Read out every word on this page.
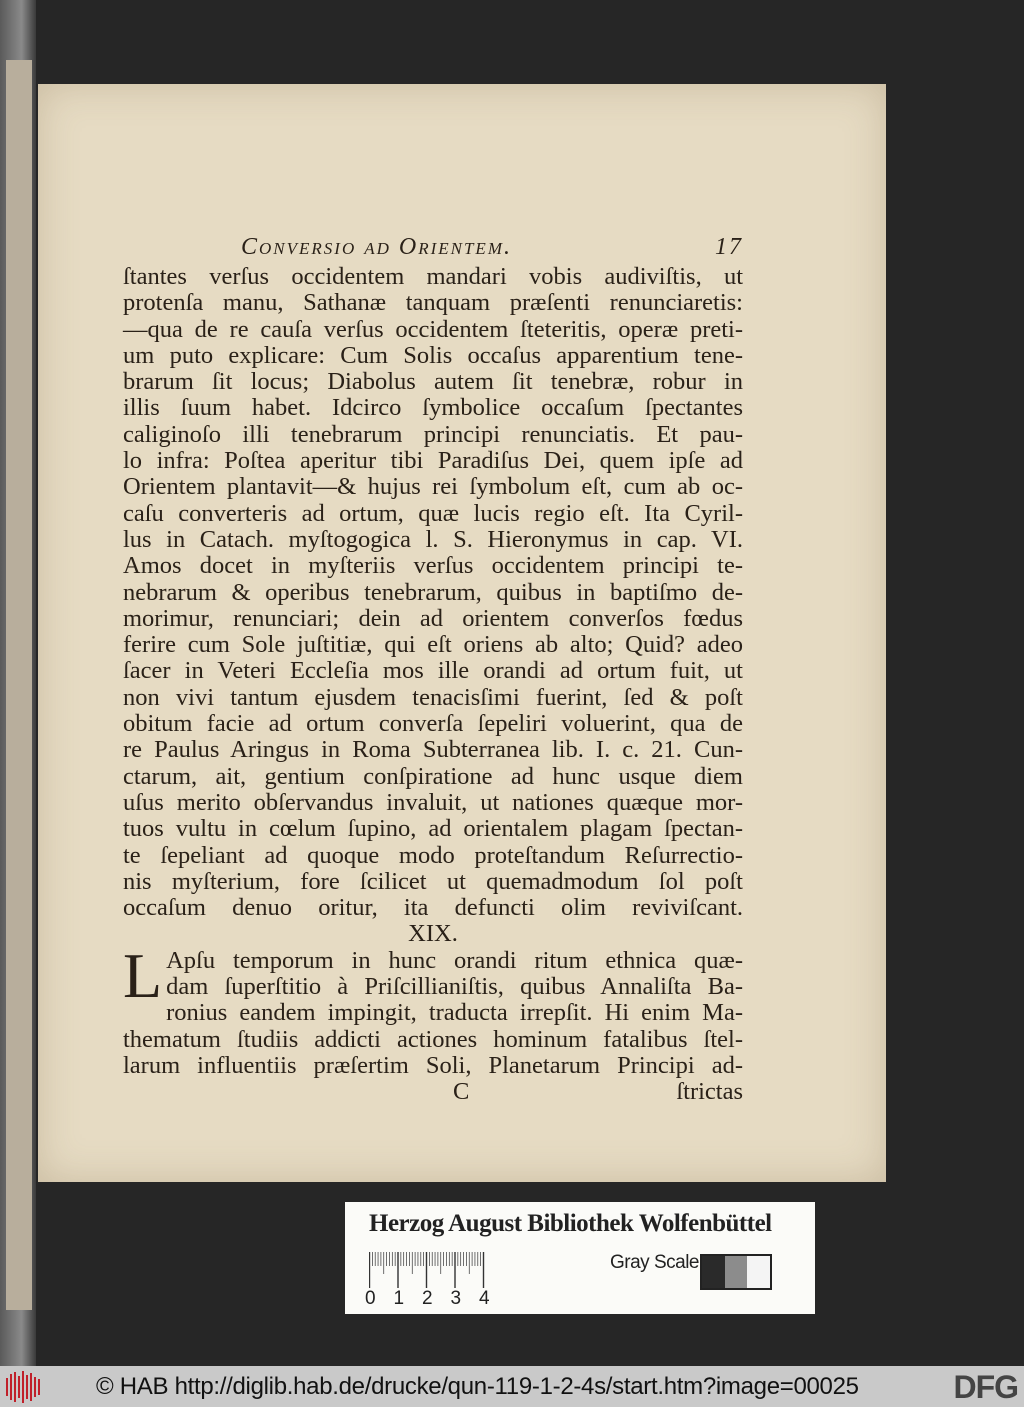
Conversio ad Orientem.	17
ſtantes verſus occidentem mandari vobis audiviſtis, ut
protenſa manu, Sathanæ tanquam præſenti renunciaretis:
—qua de re cauſa verſus occidentem ſteteritis, operæ preti-
um puto explicare: Cum Solis occaſus apparentium tene-
brarum ſit locus; Diabolus autem ſit tenebræ, robur in
illis ſuum habet. Idcirco ſymbolice occaſum ſpectantes
caliginoſo illi tenebrarum principi renunciatis. Et pau-
lo infra: Poſtea aperitur tibi Paradiſus Dei, quem ipſe ad
Orientem plantavit—& hujus rei ſymbolum eſt, cum ab oc-
caſu converteris ad ortum, quæ lucis regio eſt. Ita Cyril-
lus in Catach. myſtogogica l. S. Hieronymus in cap. VI.
Amos docet in myſteriis verſus occidentem principi te-
nebrarum & operibus tenebrarum, quibus in baptiſmo de-
morimur, renunciari; dein ad orientem converſos fœdus
ferire cum Sole juſtitiæ, qui eſt oriens ab alto; Quid? adeo
ſacer in Veteri Eccleſia mos ille orandi ad ortum fuit, ut
non vivi tantum ejusdem tenacisſimi fuerint, ſed & poſt
obitum facie ad ortum converſa ſepeliri voluerint, qua de
re Paulus Aringus in Roma Subterranea lib. I. c. 21. Cun-
ctarum, ait, gentium conſpiratione ad hunc usque diem
uſus merito obſervandus invaluit, ut nationes quæque mor-
tuos vultu in cœlum ſupino, ad orientalem plagam ſpectan-
te ſepeliant ad quoque modo proteſtandum Reſurrectio-
nis myſterium, fore ſcilicet ut quemadmodum ſol poſt
occaſum denuo oritur, ita defuncti olim reviviſcant.
XIX.
L Apſu temporum in hunc orandi ritum ethnica quæ-
dam ſuperſtitio à Priſcillianiſtis, quibus Annaliſta Ba-
ronius eandem impingit, traducta irrepſit. Hi enim Ma-
thematum ſtudiis addicti actiones hominum fatalibus ſtel-
larum influentiis præſertim Soli, Planetarum Principi ad-
C	ſtrictas
Herzog August Bibliothek Wolfenbüttel
0 1 2 3 4
Gray Scale
© HAB http://diglib.hab.de/drucke/qun-119-1-2-4s/start.htm?image=00025	DFG
